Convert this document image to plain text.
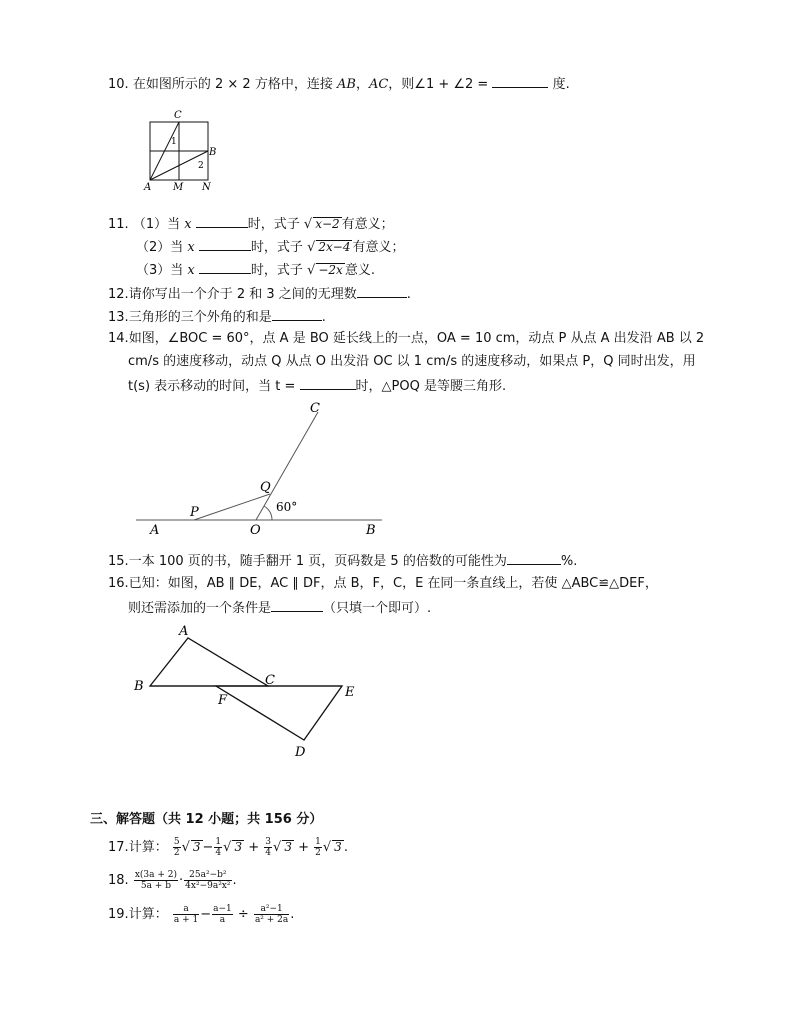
10. 在如图所示的 2 × 2 方格中，连接 AB，AC，则∠1 + ∠2 =	度.
C
B
A M N
1
2
11. （1）当 x	时，式子 √ x−2 有意义；
（2）当 x	时，式子 √ 2x−4 有意义；
（3）当 x	时，式子 √ −2x 意义.
12.请你写出一个介于 2 和 3 之间的无理数	.
13.三角形的三个外角的和是	.
14.如图，∠BOC = 60°，点 A 是 BO 延长线上的一点，OA = 10 cm，动点 P 从点 A 出发沿 AB 以 2
cm/s 的速度移动，动点 Q 从点 O 出发沿 OC 以 1 cm/s 的速度移动，如果点 P，Q 同时出发，用
t(s) 表示移动的时间，当 t =	时，△POQ 是等腰三角形.
C
Q
60°
P
A	O	B
15.一本 100 页的书，随手翻开 1 页，页码数是 5 的倍数的可能性为	%.
16.已知：如图，AB ∥ DE，AC ∥ DF，点 B，F，C，E 在同一条直线上，若使 △ABC≌△DEF，
则还需添加的一个条件是	（只填一个即可）.
A
B	C
E
F
D
三、解答题（共 12 小题；共 156 分）
17.计算： $\frac{5}{2}$ √ $3 - \frac{1}{4}$ √ $3 + \frac{3}{4}$ √ $3 + \frac{1}{2}$ √ 3 .
18. $\frac{x(3a + 2)}{5a + b} \cdot \frac{\text{25a²−b²}}{\text{4x²−9a²x²}}$ .
19.计算： $\frac{a}{a + 1} - \frac{a-1}{a} \div \frac{\text{a²−1}}{\text{a² + 2a}}$ .
